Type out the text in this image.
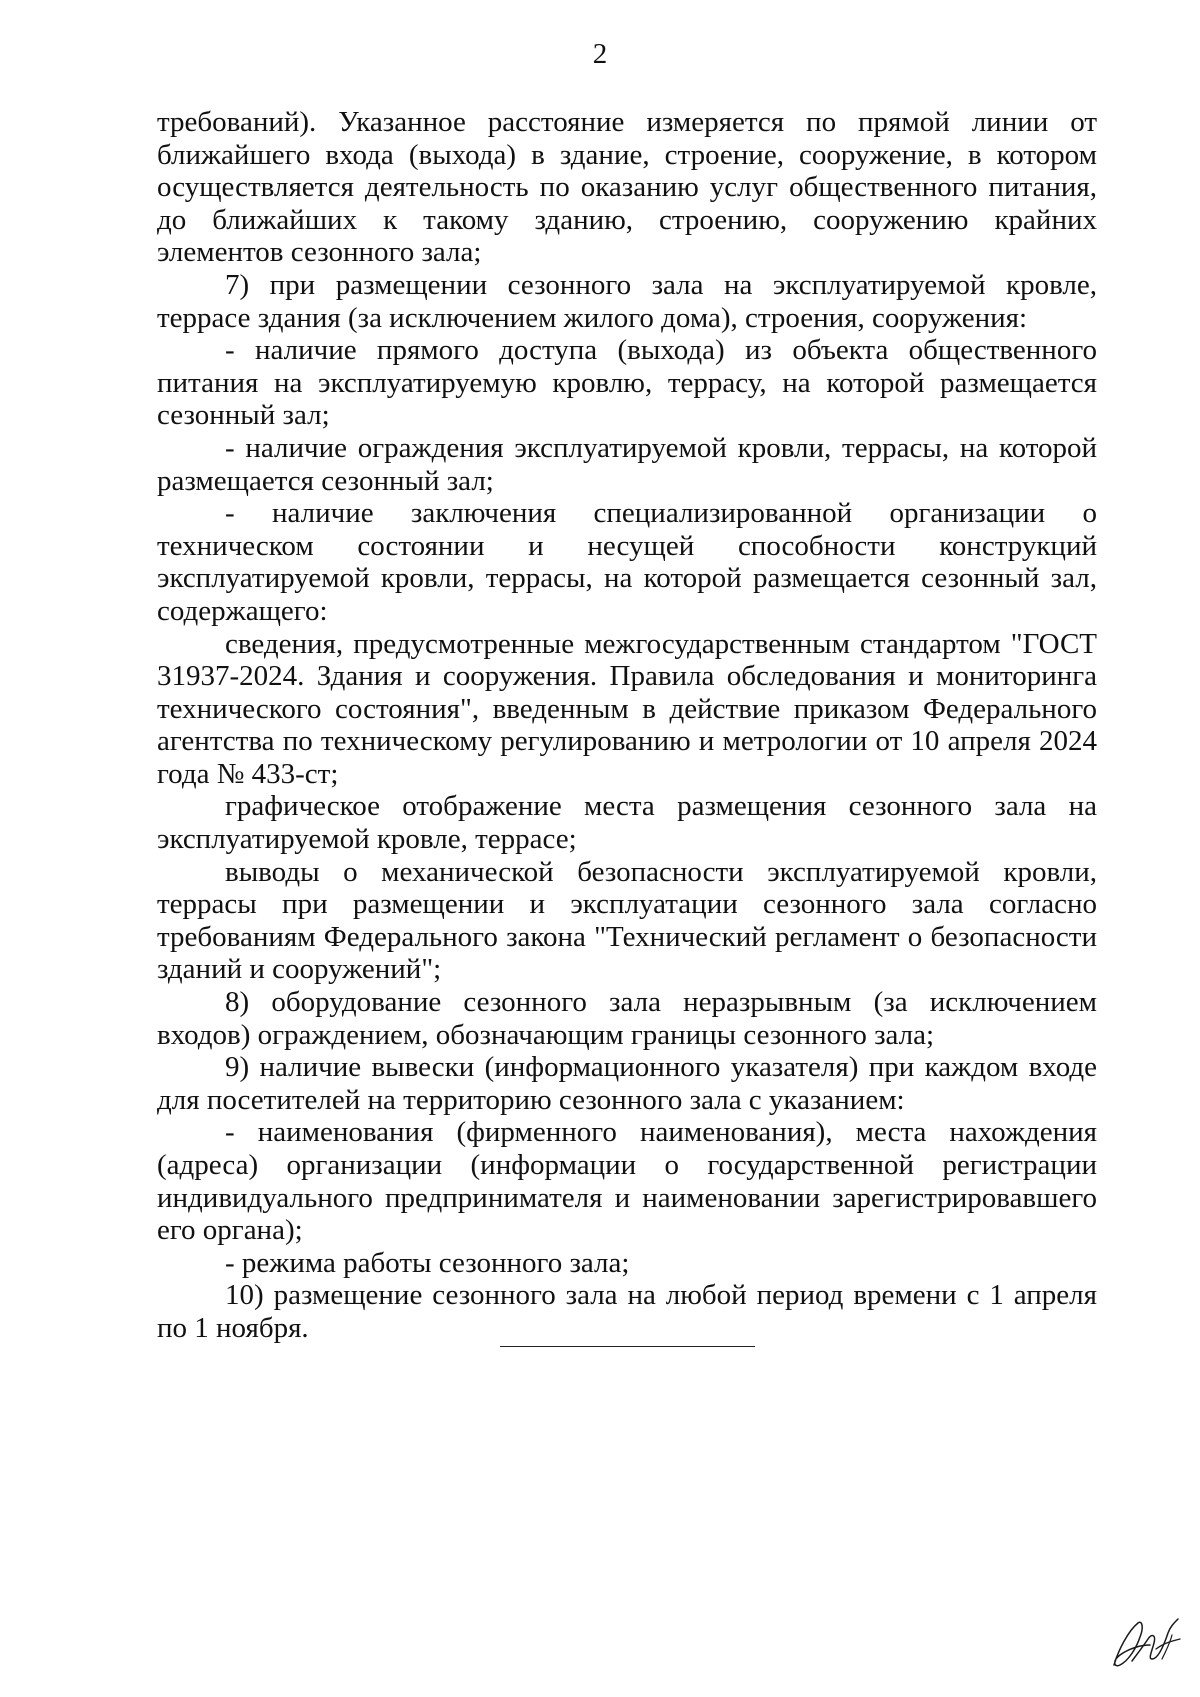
2

требований). Указанное расстояние измеряется по прямой линии от ближайшего входа (выхода) в здание, строение, сооружение, в котором осуществляется деятельность по оказанию услуг общественного питания, до ближайших к такому зданию, строению, сооружению крайних элементов сезонного зала;

7) при размещении сезонного зала на эксплуатируемой кровле, террасе здания (за исключением жилого дома), строения, сооружения:

- наличие прямого доступа (выхода) из объекта общественного питания на эксплуатируемую кровлю, террасу, на которой размещается сезонный зал;

- наличие ограждения эксплуатируемой кровли, террасы, на которой размещается сезонный зал;

- наличие заключения специализированной организации о техническом состоянии и несущей способности конструкций эксплуатируемой кровли, террасы, на которой размещается сезонный зал, содержащего:

сведения, предусмотренные межгосударственным стандартом "ГОСТ 31937-2024. Здания и сооружения. Правила обследования и мониторинга технического состояния", введенным в действие приказом Федерального агентства по техническому регулированию и метрологии от 10 апреля 2024 года № 433-ст;

графическое отображение места размещения сезонного зала на эксплуатируемой кровле, террасе;

выводы о механической безопасности эксплуатируемой кровли, террасы при размещении и эксплуатации сезонного зала согласно требованиям Федерального закона "Технический регламент о безопасности зданий и сооружений";

8) оборудование сезонного зала неразрывным (за исключением входов) ограждением, обозначающим границы сезонного зала;

9) наличие вывески (информационного указателя) при каждом входе для посетителей на территорию сезонного зала с указанием:

- наименования (фирменного наименования), места нахождения (адреса) организации (информации о государственной регистрации индивидуального предпринимателя и наименовании зарегистрировавшего его органа);

- режима работы сезонного зала;

10) размещение сезонного зала на любой период времени с 1 апреля по 1 ноября.
